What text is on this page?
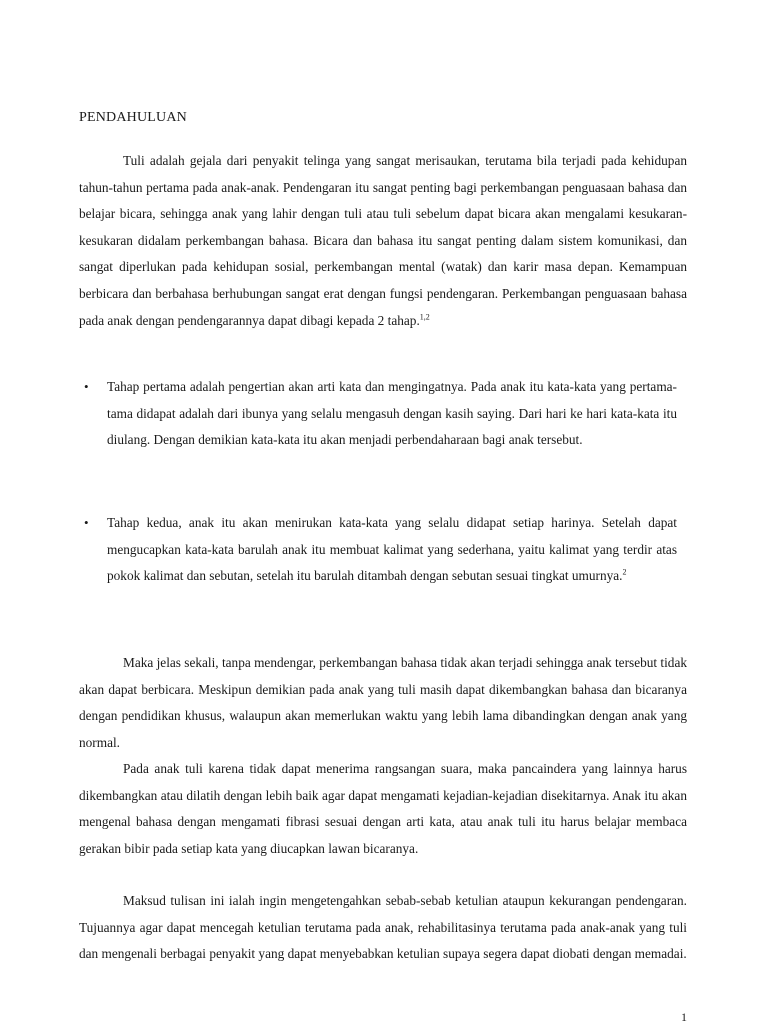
PENDAHULUAN

Tuli adalah gejala dari penyakit telinga yang sangat merisaukan, terutama bila terjadi pada kehidupan tahun-tahun pertama pada anak-anak. Pendengaran itu sangat penting bagi perkembangan penguasaan bahasa dan belajar bicara, sehingga anak yang lahir dengan tuli atau tuli sebelum dapat bicara akan mengalami kesukaran-kesukaran didalam perkembangan bahasa. Bicara dan bahasa itu sangat penting dalam sistem komunikasi, dan sangat diperlukan pada kehidupan sosial, perkembangan mental (watak) dan karir masa depan. Kemampuan berbicara dan berbahasa berhubungan sangat erat dengan fungsi pendengaran. Perkembangan penguasaan bahasa pada anak dengan pendengarannya dapat dibagi kepada 2 tahap.$^{1,2}$

• Tahap pertama adalah pengertian akan arti kata dan mengingatnya. Pada anak itu kata-kata yang pertama-tama didapat adalah dari ibunya yang selalu mengasuh dengan kasih saying. Dari hari ke hari kata-kata itu diulang. Dengan demikian kata-kata itu akan menjadi perbendaharaan bagi anak tersebut.

• Tahap kedua, anak itu akan menirukan kata-kata yang selalu didapat setiap harinya. Setelah dapat mengucapkan kata-kata barulah anak itu membuat kalimat yang sederhana, yaitu kalimat yang terdir atas pokok kalimat dan sebutan, setelah itu barulah ditambah dengan sebutan sesuai tingkat umurnya.$^2$

Maka jelas sekali, tanpa mendengar, perkembangan bahasa tidak akan terjadi sehingga anak tersebut tidak akan dapat berbicara. Meskipun demikian pada anak yang tuli masih dapat dikembangkan bahasa dan bicaranya dengan pendidikan khusus, walaupun akan memerlukan waktu yang lebih lama dibandingkan dengan anak yang normal.

Pada anak tuli karena tidak dapat menerima rangsangan suara, maka pancaindera yang lainnya harus dikembangkan atau dilatih dengan lebih baik agar dapat mengamati kejadian-kejadian disekitarnya. Anak itu akan mengenal bahasa dengan mengamati fibrasi sesuai dengan arti kata, atau anak tuli itu harus belajar membaca gerakan bibir pada setiap kata yang diucapkan lawan bicaranya.

Maksud tulisan ini ialah ingin mengetengahkan sebab-sebab ketulian ataupun kekurangan pendengaran. Tujuannya agar dapat mencegah ketulian terutama pada anak, rehabilitasinya terutama pada anak-anak yang tuli dan mengenali berbagai penyakit yang dapat menyebabkan ketulian supaya segera dapat diobati dengan memadai.

1
